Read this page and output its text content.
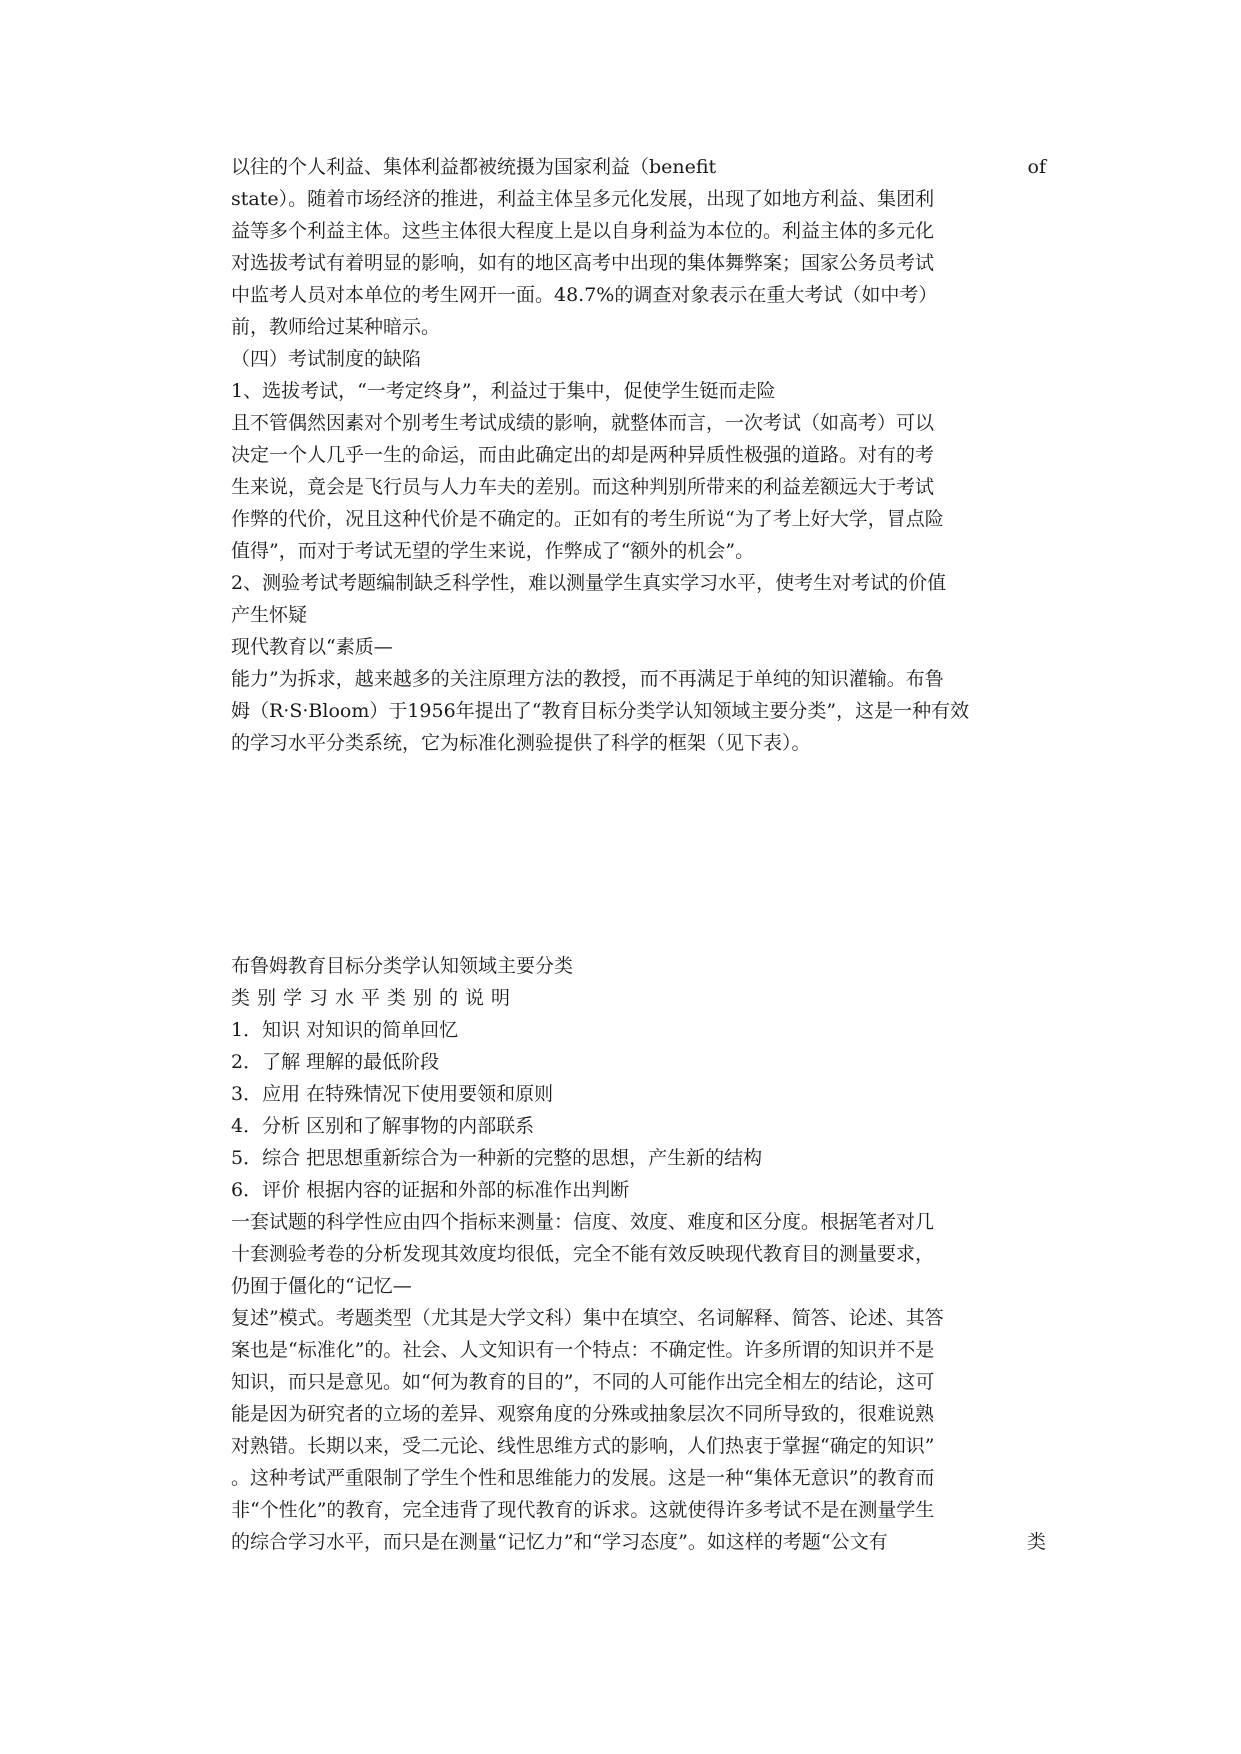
以往的个人利益、集体利益都被统摄为国家利益（benefit	of
state）。随着市场经济的推进，利益主体呈多元化发展，出现了如地方利益、集团利
益等多个利益主体。这些主体很大程度上是以自身利益为本位的。利益主体的多元化
对选拔考试有着明显的影响，如有的地区高考中出现的集体舞弊案；国家公务员考试
中监考人员对本单位的考生网开一面。48.7%的调查对象表示在重大考试（如中考）
前，教师给过某种暗示。
（四）考试制度的缺陷
1、选拔考试，“一考定终身”，利益过于集中，促使学生铤而走险
且不管偶然因素对个别考生考试成绩的影响，就整体而言，一次考试（如高考）可以
决定一个人几乎一生的命运，而由此确定出的却是两种异质性极强的道路。对有的考
生来说，竟会是飞行员与人力车夫的差别。而这种判别所带来的利益差额远大于考试
作弊的代价，况且这种代价是不确定的。正如有的考生所说“为了考上好大学，冒点险
值得”，而对于考试无望的学生来说，作弊成了“额外的机会”。
2、测验考试考题编制缺乏科学性，难以测量学生真实学习水平，使考生对考试的价值
产生怀疑
现代教育以“素质—
能力”为拆求，越来越多的关注原理方法的教授，而不再满足于单纯的知识灌输。布鲁
姆（R·S·Bloom）于1956年提出了“教育目标分类学认知领域主要分类”，这是一种有效
的学习水平分类系统，它为标准化测验提供了科学的框架（见下表）。
布鲁姆教育目标分类学认知领域主要分类
类别学习水平类别的说明
1．知识 对知识的简单回忆
2．了解 理解的最低阶段
3．应用 在特殊情况下使用要领和原则
4．分析 区别和了解事物的内部联系
5．综合 把思想重新综合为一种新的完整的思想，产生新的结构
6．评价 根据内容的证据和外部的标准作出判断
一套试题的科学性应由四个指标来测量：信度、效度、难度和区分度。根据笔者对几
十套测验考卷的分析发现其效度均很低，完全不能有效反映现代教育目的测量要求，
仍囿于僵化的“记忆—
复述”模式。考题类型（尤其是大学文科）集中在填空、名词解释、简答、论述、其答
案也是“标准化”的。社会、人文知识有一个特点：不确定性。许多所谓的知识并不是
知识，而只是意见。如“何为教育的目的”，不同的人可能作出完全相左的结论，这可
能是因为研究者的立场的差异、观察角度的分殊或抽象层次不同所导致的，很难说熟
对熟错。长期以来，受二元论、线性思维方式的影响，人们热衷于掌握“确定的知识”
。这种考试严重限制了学生个性和思维能力的发展。这是一种“集体无意识”的教育而
非“个性化”的教育，完全违背了现代教育的诉求。这就使得许多考试不是在测量学生
的综合学习水平，而只是在测量“记忆力”和“学习态度”。如这样的考题“公文有	类
